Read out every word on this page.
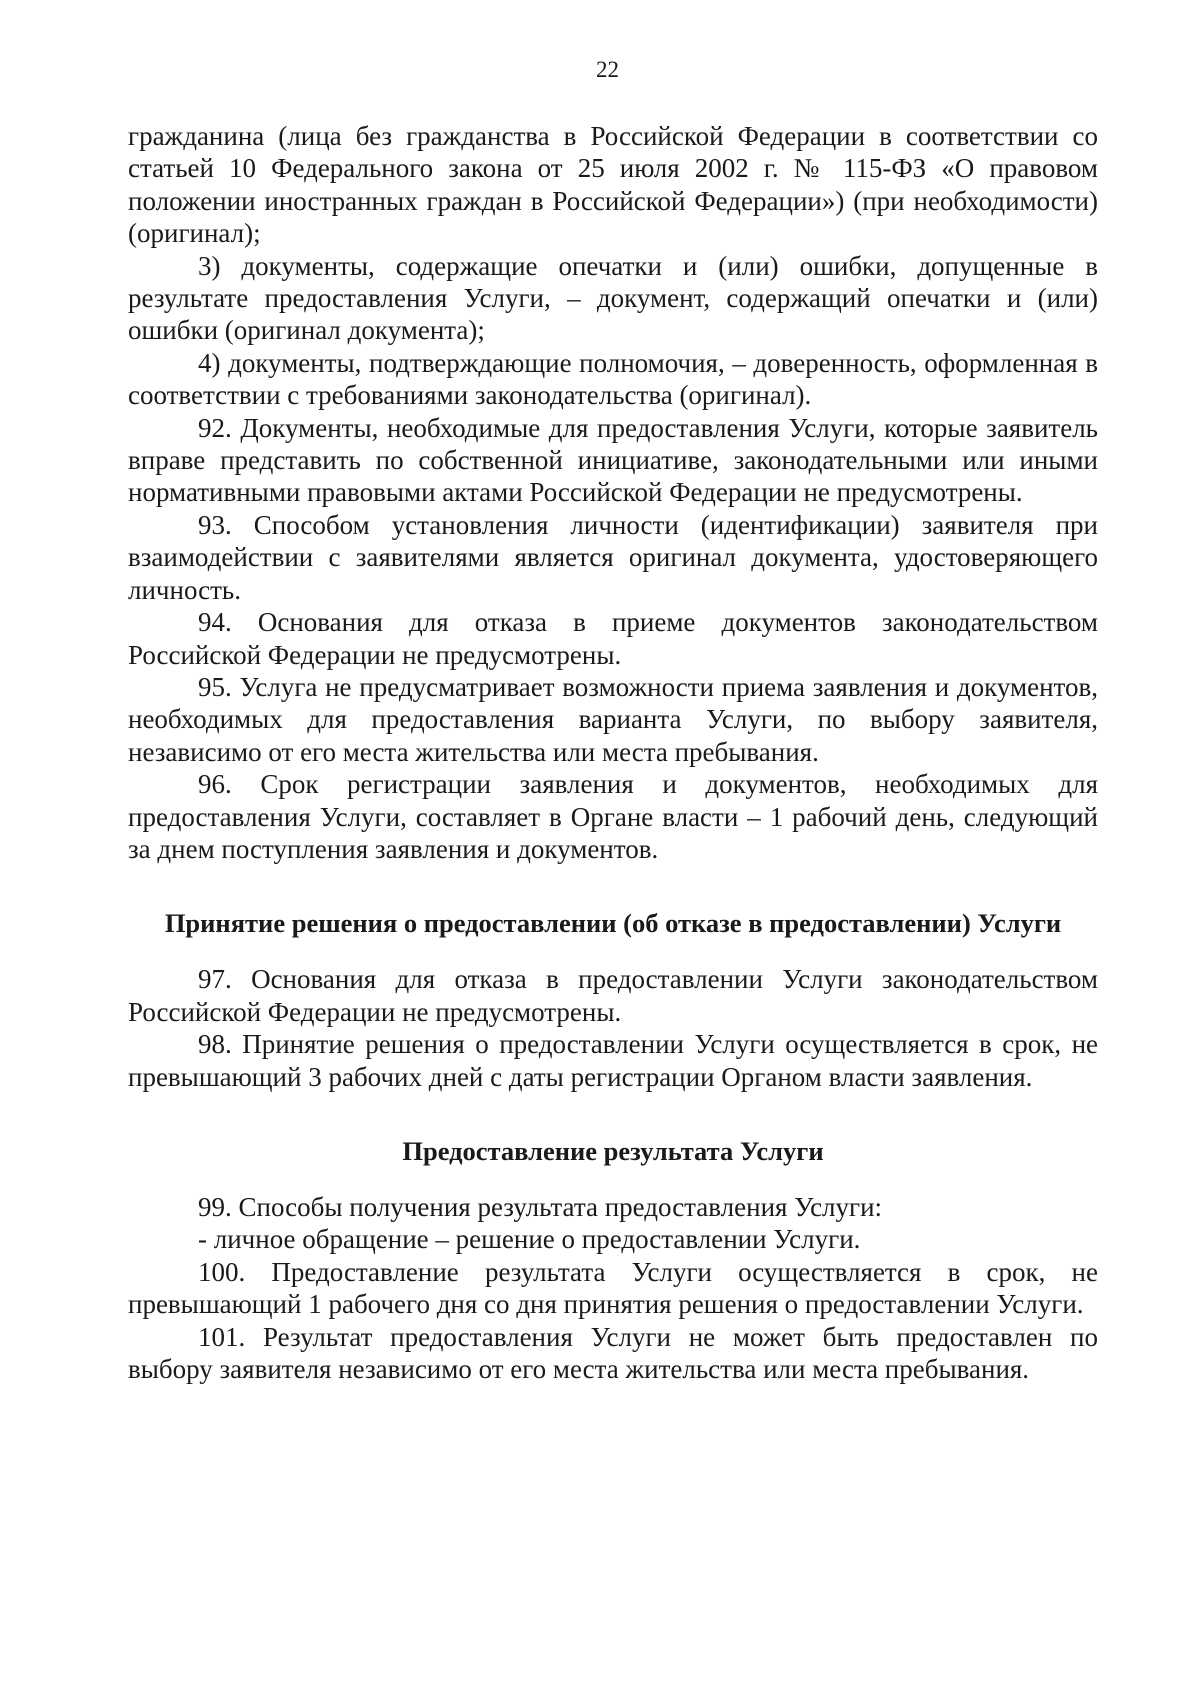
22

гражданина (лица без гражданства в Российской Федерации в соответствии со статьей 10 Федерального закона от 25 июля 2002 г. № 115-ФЗ «О правовом положении иностранных граждан в Российской Федерации») (при необходимости) (оригинал);

3) документы, содержащие опечатки и (или) ошибки, допущенные в результате предоставления Услуги, – документ, содержащий опечатки и (или) ошибки (оригинал документа);

4) документы, подтверждающие полномочия, – доверенность, оформленная в соответствии с требованиями законодательства (оригинал).

92. Документы, необходимые для предоставления Услуги, которые заявитель вправе представить по собственной инициативе, законодательными или иными нормативными правовыми актами Российской Федерации не предусмотрены.

93. Способом установления личности (идентификации) заявителя при взаимодействии с заявителями является оригинал документа, удостоверяющего личность.

94. Основания для отказа в приеме документов законодательством Российской Федерации не предусмотрены.

95. Услуга не предусматривает возможности приема заявления и документов, необходимых для предоставления варианта Услуги, по выбору заявителя, независимо от его места жительства или места пребывания.

96. Срок регистрации заявления и документов, необходимых для предоставления Услуги, составляет в Органе власти – 1 рабочий день, следующий за днем поступления заявления и документов.

Принятие решения о предоставлении (об отказе в предоставлении) Услуги

97. Основания для отказа в предоставлении Услуги законодательством Российской Федерации не предусмотрены.

98. Принятие решения о предоставлении Услуги осуществляется в срок, не превышающий 3 рабочих дней с даты регистрации Органом власти заявления.

Предоставление результата Услуги

99. Способы получения результата предоставления Услуги:

- личное обращение – решение о предоставлении Услуги.

100. Предоставление результата Услуги осуществляется в срок, не превышающий 1 рабочего дня со дня принятия решения о предоставлении Услуги.

101. Результат предоставления Услуги не может быть предоставлен по выбору заявителя независимо от его места жительства или места пребывания.
